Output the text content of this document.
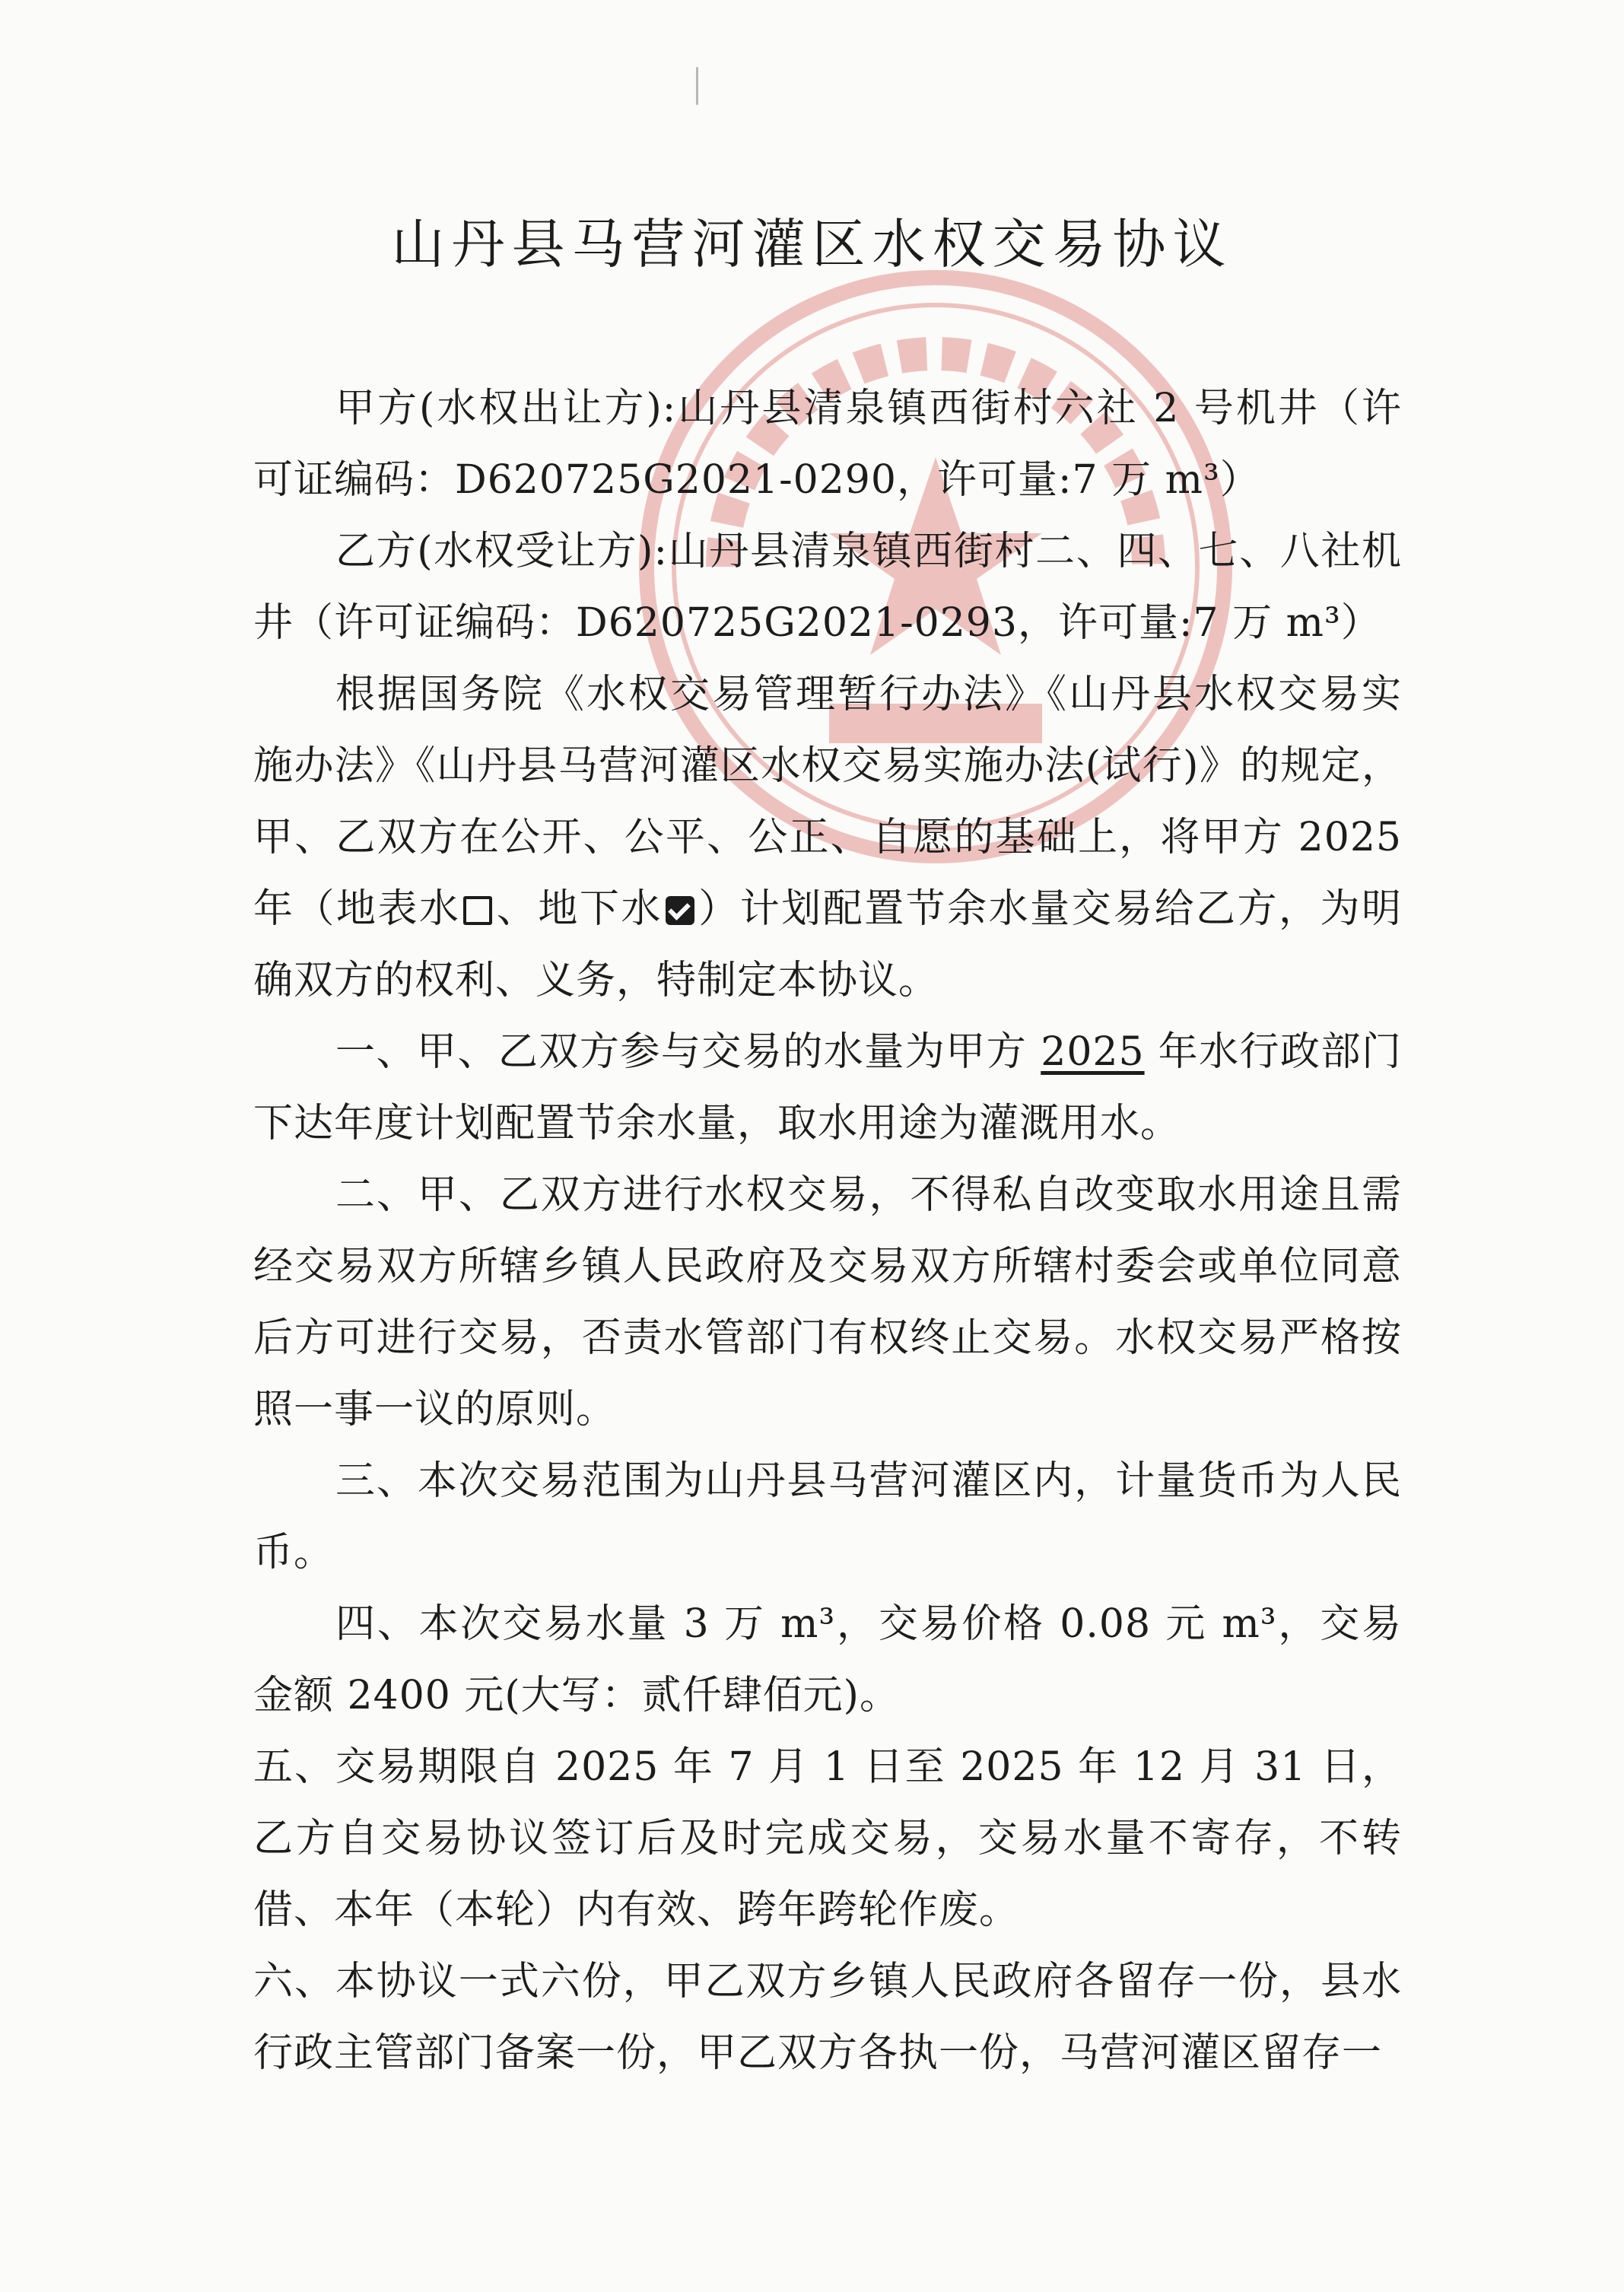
山丹县马营河灌区水权交易协议

甲方(水权出让方):山丹县清泉镇西街村六社 2 号机井（许可证编码：D620725G2021-0290，许可量:7 万 m³）

乙方(水权受让方):山丹县清泉镇西街村二、四、七、八社机井（许可证编码：D620725G2021-0293，许可量:7 万 m³）

根据国务院《水权交易管理暂行办法》《山丹县水权交易实施办法》《山丹县马营河灌区水权交易实施办法(试行)》的规定，甲、乙双方在公开、公平、公正、自愿的基础上，将甲方 2025 年（地表水 、地下水 ）计划配置节余水量交易给乙方，为明确双方的权利、义务，特制定本协议。

一、甲、乙双方参与交易的水量为甲方 2025 年水行政部门下达年度计划配置节余水量，取水用途为灌溉用水。

二、甲、乙双方进行水权交易，不得私自改变取水用途且需经交易双方所辖乡镇人民政府及交易双方所辖村委会或单位同意后方可进行交易，否责水管部门有权终止交易。水权交易严格按照一事一议的原则。

三、本次交易范围为山丹县马营河灌区内，计量货币为人民币。

四、本次交易水量 3 万 m³，交易价格 0.08 元 m³，交易金额 2400 元(大写：贰仟肆佰元)。

五、交易期限自 2025 年 7 月 1 日至 2025 年 12 月 31 日，乙方自交易协议签订后及时完成交易，交易水量不寄存，不转借、本年（本轮）内有效、跨年跨轮作废。

六、本协议一式六份，甲乙双方乡镇人民政府各留存一份，县水行政主管部门备案一份，甲乙双方各执一份，马营河灌区留存一
